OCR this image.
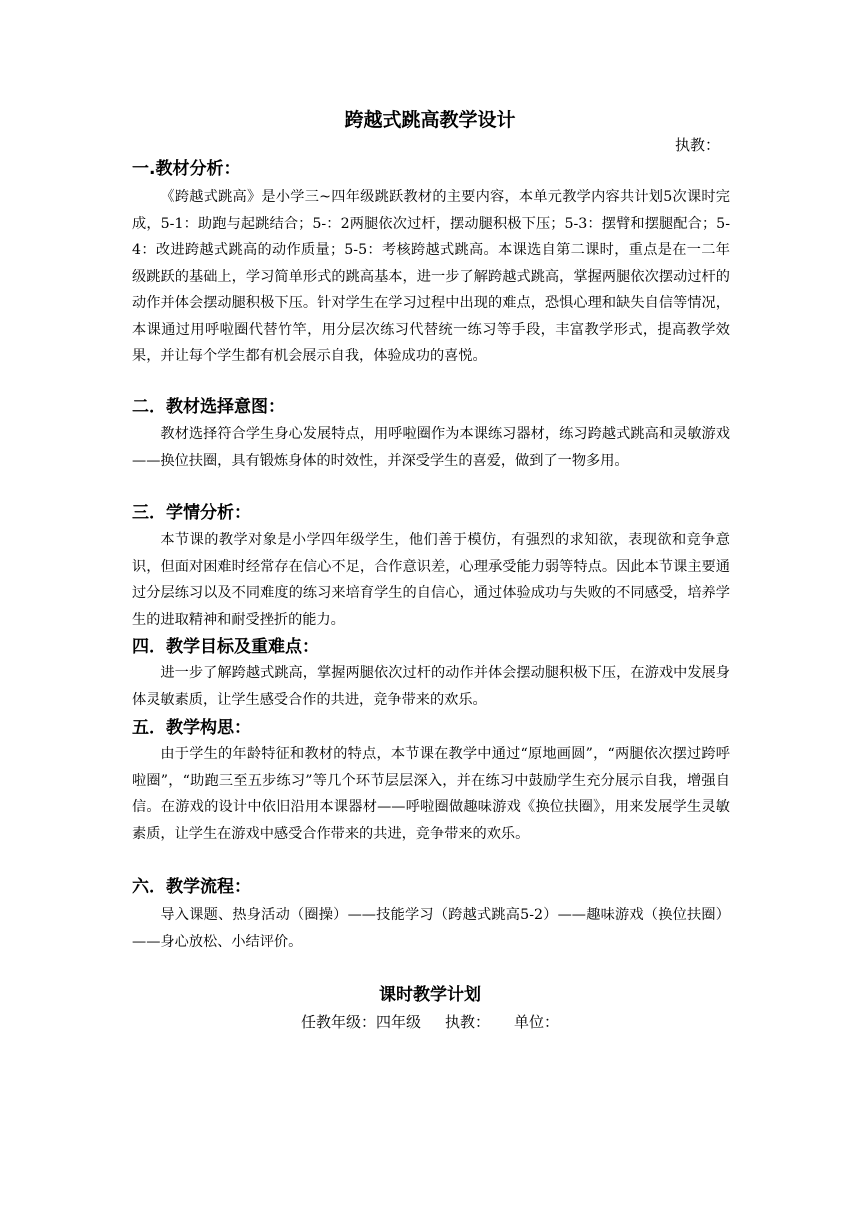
跨越式跳高教学设计
执教：
一.教材分析：
《跨越式跳高》是小学三~四年级跳跃教材的主要内容，本单元教学内容共计划5次课时完成，5-1：助跑与起跳结合；5-：2两腿依次过杆，摆动腿积极下压；5-3：摆臂和摆腿配合；5-4：改进跨越式跳高的动作质量；5-5：考核跨越式跳高。本课选自第二课时，重点是在一二年级跳跃的基础上，学习简单形式的跳高基本，进一步了解跨越式跳高，掌握两腿依次摆动过杆的动作并体会摆动腿积极下压。针对学生在学习过程中出现的难点，恐惧心理和缺失自信等情况，本课通过用呼啦圈代替竹竿，用分层次练习代替统一练习等手段，丰富教学形式，提高教学效果，并让每个学生都有机会展示自我，体验成功的喜悦。
二．教材选择意图：
教材选择符合学生身心发展特点，用呼啦圈作为本课练习器材，练习跨越式跳高和灵敏游戏——换位扶圈，具有锻炼身体的时效性，并深受学生的喜爱，做到了一物多用。
三．学情分析：
本节课的教学对象是小学四年级学生，他们善于模仿，有强烈的求知欲，表现欲和竞争意识，但面对困难时经常存在信心不足，合作意识差，心理承受能力弱等特点。因此本节课主要通过分层练习以及不同难度的练习来培育学生的自信心，通过体验成功与失败的不同感受，培养学生的进取精神和耐受挫折的能力。
四．教学目标及重难点：
进一步了解跨越式跳高，掌握两腿依次过杆的动作并体会摆动腿积极下压，在游戏中发展身体灵敏素质，让学生感受合作的共进，竞争带来的欢乐。
五．教学构思：
由于学生的年龄特征和教材的特点，本节课在教学中通过“原地画圆”，“两腿依次摆过跨呼啦圈”，“助跑三至五步练习”等几个环节层层深入，并在练习中鼓励学生充分展示自我，增强自信。在游戏的设计中依旧沿用本课器材——呼啦圈做趣味游戏《换位扶圈》，用来发展学生灵敏素质，让学生在游戏中感受合作带来的共进，竞争带来的欢乐。
六．教学流程：
导入课题、热身活动（圈操）——技能学习（跨越式跳高5-2）——趣味游戏（换位扶圈）——身心放松、小结评价。
课时教学计划
任教年级：四年级 执教： 单位：
